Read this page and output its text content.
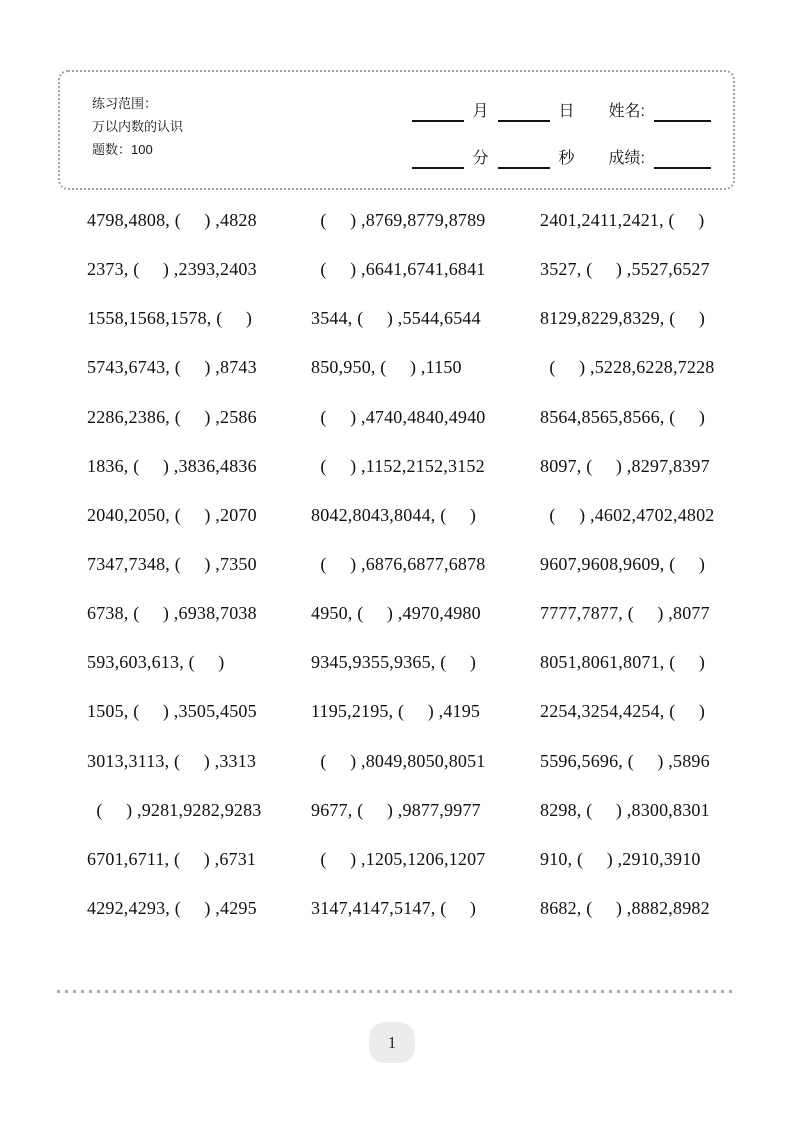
练习范围：
万以内数的认识
题数：100
月	日 姓名:
分	秒 成绩:
4798,4808, (     ) ,4828	(     ) ,8769,8779,8789	2401,2411,2421, (     )
2373, (     ) ,2393,2403	(     ) ,6641,6741,6841	3527, (     ) ,5527,6527
1558,1568,1578, (     )	3544, (     ) ,5544,6544	8129,8229,8329, (     )
5743,6743, (     ) ,8743	850,950, (     ) ,1150	(     ) ,5228,6228,7228
2286,2386, (     ) ,2586	(     ) ,4740,4840,4940	8564,8565,8566, (     )
1836, (     ) ,3836,4836	(     ) ,1152,2152,3152	8097, (     ) ,8297,8397
2040,2050, (     ) ,2070	8042,8043,8044, (     )	(     ) ,4602,4702,4802
7347,7348, (     ) ,7350	(     ) ,6876,6877,6878	9607,9608,9609, (     )
6738, (     ) ,6938,7038	4950, (     ) ,4970,4980	7777,7877, (     ) ,8077
593,603,613, (     )	9345,9355,9365, (     )	8051,8061,8071, (     )
1505, (     ) ,3505,4505	1195,2195, (     ) ,4195	2254,3254,4254, (     )
3013,3113, (     ) ,3313	(     ) ,8049,8050,8051	5596,5696, (     ) ,5896
(     ) ,9281,9282,9283	9677, (     ) ,9877,9977	8298, (     ) ,8300,8301
6701,6711, (     ) ,6731	(     ) ,1205,1206,1207	910, (     ) ,2910,3910
4292,4293, (     ) ,4295	3147,4147,5147, (     )	8682, (     ) ,8882,8982
1
